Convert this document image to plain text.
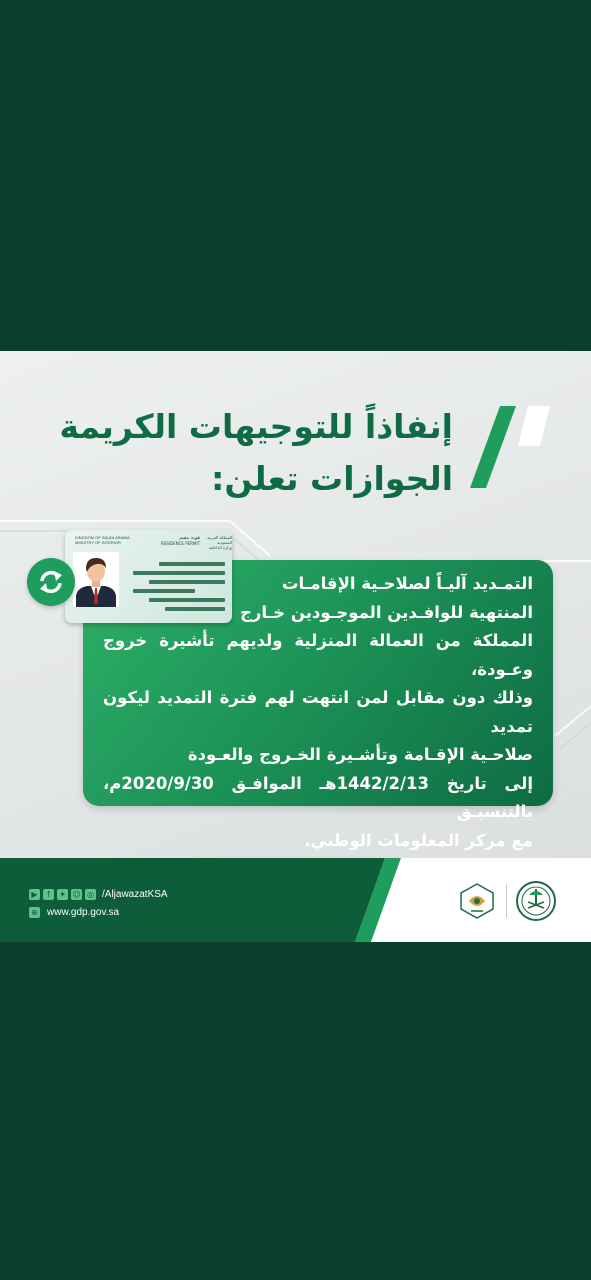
إنفاذاً للتوجيهات الكريمة
الجوازات تعلن:

التمـديد آليـاً لصلاحـية الإقامـات
المنتهية للوافـدين الموجـودين خـارج
المملكة من العمالة المنزلية ولديهم تأشيرة خروج وعـودة،
وذلك دون مقابل لمن انتهت لهم فترة التمديد ليكون تمديد
صلاحـية الإقـامة وتأشـيرة الخـروج والعـودة
إلى تاريخ 1442/2/13هـ الموافـق 2020/9/30م، بالتنسيـق
مع مركز المعلومات الوطني.

KINGDOM OF SAUDI ARABIA
MINISTRY OF INTERIOR
هوية مقيم
RESIDENCE PERMIT
المملكة العربية السعودية
وزارة الداخلية
▶	f	✦ ☺ ◎ /AljawazatKSA
⊕ www.gdp.gov.sa
